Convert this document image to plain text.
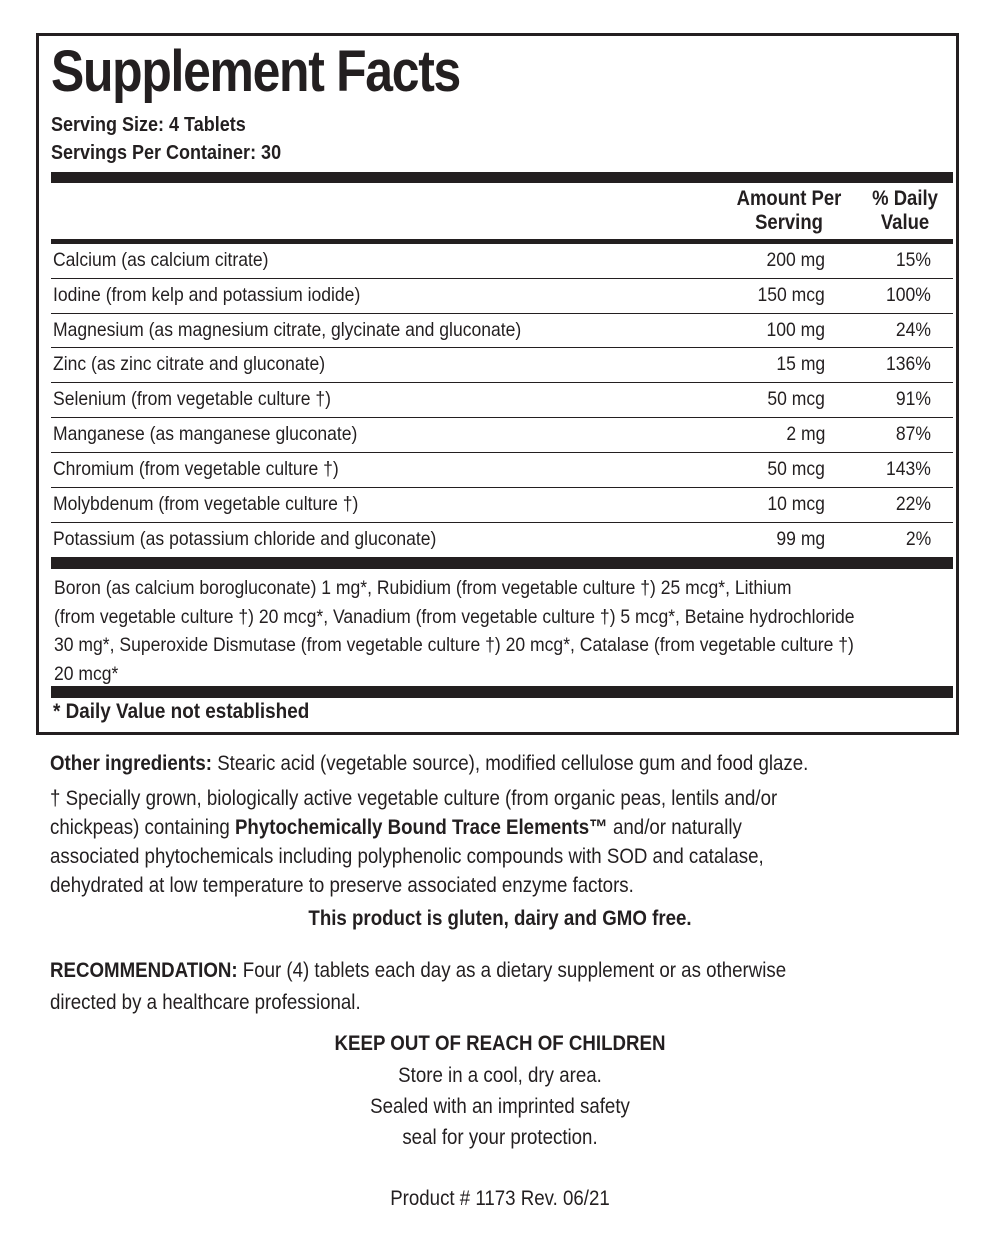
Supplement Facts
Serving Size: 4 Tablets
Servings Per Container: 30
Amount Per
Serving
% Daily
Value
Calcium (as calcium citrate)	200 mg	15%
Iodine (from kelp and potassium iodide)	150 mcg	100%
Magnesium (as magnesium citrate, glycinate and gluconate)	100 mg	24%
Zinc (as zinc citrate and gluconate)	15 mg	136%
Selenium (from vegetable culture †)	50 mcg	91%
Manganese (as manganese gluconate)	2 mg	87%
Chromium (from vegetable culture †)	50 mcg	143%
Molybdenum (from vegetable culture †)	10 mcg	22%
Potassium (as potassium chloride and gluconate)	99 mg	2%
Boron (as calcium borogluconate) 1 mg*, Rubidium (from vegetable culture †) 25 mcg*, Lithium
(from vegetable culture †) 20 mcg*, Vanadium (from vegetable culture †) 5 mcg*, Betaine hydrochloride
30 mg*, Superoxide Dismutase (from vegetable culture †) 20 mcg*, Catalase (from vegetable culture †)
20 mcg*
* Daily Value not established
Other ingredients: Stearic acid (vegetable source), modified cellulose gum and food glaze.
† Specially grown, biologically active vegetable culture (from organic peas, lentils and/or
chickpeas) containing Phytochemically Bound Trace Elements™ and/or naturally
associated phytochemicals including polyphenolic compounds with SOD and catalase,
dehydrated at low temperature to preserve associated enzyme factors.
This product is gluten, dairy and GMO free.
RECOMMENDATION: Four (4) tablets each day as a dietary supplement or as otherwise
directed by a healthcare professional.
KEEP OUT OF REACH OF CHILDREN
Store in a cool, dry area.
Sealed with an imprinted safety
seal for your protection.
Product # 1173 Rev. 06/21
